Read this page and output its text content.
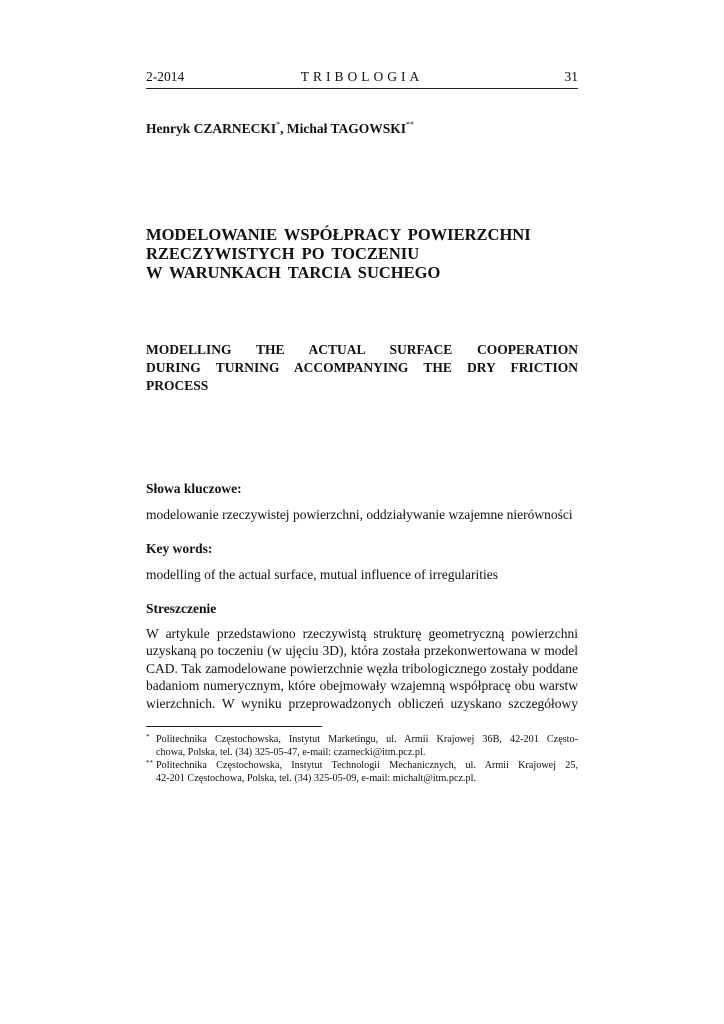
2-2014	TRIBOLOGIA	31
Henryk CZARNECKI*, Michał TAGOWSKI**
MODELOWANIE WSPÓŁPRACY POWIERZCHNI
RZECZYWISTYCH PO TOCZENIU
W WARUNKACH TARCIA SUCHEGO
MODELLING THE ACTUAL SURFACE COOPERATION
DURING TURNING ACCOMPANYING THE DRY FRICTION
PROCESS
Słowa kluczowe:
modelowanie rzeczywistej powierzchni, oddziaływanie wzajemne nierówności
Key words:
modelling of the actual surface, mutual influence of irregularities
Streszczenie
W artykule przedstawiono rzeczywistą strukturę geometryczną powierzchni
uzyskaną po toczeniu (w ujęciu 3D), która została przekonwertowana w model
CAD. Tak zamodelowane powierzchnie węzła tribologicznego zostały poddane
badaniom numerycznym, które obejmowały wzajemną współpracę obu warstw
wierzchnich. W wyniku przeprowadzonych obliczeń uzyskano szczegółowy
* Politechnika Częstochowska, Instytut Marketingu, ul. Armii Krajowej 36B, 42-201 Często-
chowa, Polska, tel. (34) 325-05-47, e-mail: czarnecki@itm.pcz.pl.
** Politechnika Częstochowska, Instytut Technologii Mechanicznych, ul. Armii Krajowej 25,
42-201 Częstochowa, Polska, tel. (34) 325-05-09, e-mail: michalt@itm.pcz.pl.
